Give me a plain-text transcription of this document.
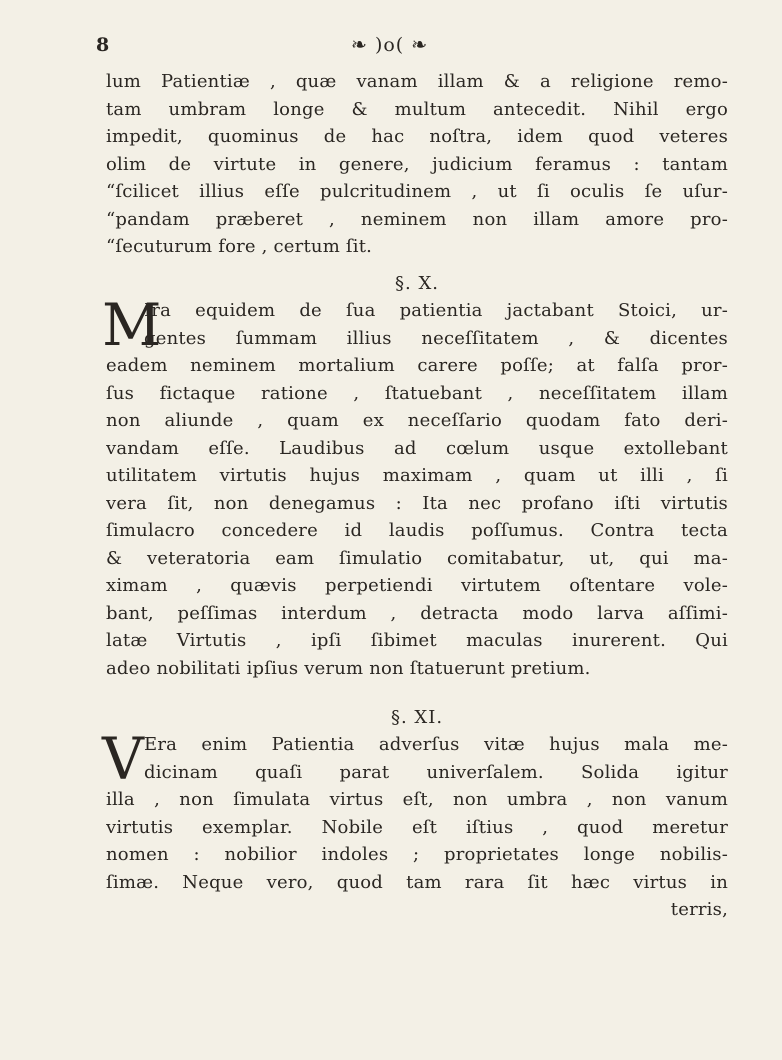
8	❧ )o( ❧
lum Patientiæ , quæ vanam illam & a religione remo-
tam umbram longe & multum antecedit. Nihil ergo
impedit, quominus de hac noſtra, idem quod veteres
olim de virtute in genere, judicium feramus : tantam
“ſcilicet illius eſſe pulcritudinem , ut ſi oculis ſe uſur-
“pandam præberet , neminem non illam amore pro-
“ſecuturum fore , certum ſit.
§. X.
M
Ira equidem de ſua patientia jactabant Stoici, ur-
gentes ſummam illius neceſſitatem , & dicentes
eadem neminem mortalium carere poſſe; at falſa pror-
ſus fictaque ratione , ſtatuebant , neceſſitatem illam
non aliunde , quam ex neceſſario quodam fato deri-
vandam eſſe. Laudibus ad cœlum usque extollebant
utilitatem virtutis hujus maximam , quam ut illi , ſi
vera ſit, non denegamus : Ita nec profano iſti virtutis
ſimulacro concedere id laudis poſſumus. Contra tecta
& veteratoria eam ſimulatio comitabatur, ut, qui ma-
ximam , quævis perpetiendi virtutem oſtentare vole-
bant, peſſimas interdum , detracta modo larva aſſimi-
latæ Virtutis , ipſi ſibimet maculas inurerent. Qui
adeo nobilitati ipſius verum non ſtatuerunt pretium.
§. XI.
V Era enim Patientia adverſus vitæ hujus mala me-
dicinam quaſi parat univerſalem. Solida igitur
illa , non ſimulata virtus eſt, non umbra , non vanum
virtutis exemplar. Nobile eſt iſtius , quod meretur
nomen : nobilior indoles ; proprietates longe nobilis-
ſimæ. Neque vero, quod tam rara ſit hæc virtus in
terris,
